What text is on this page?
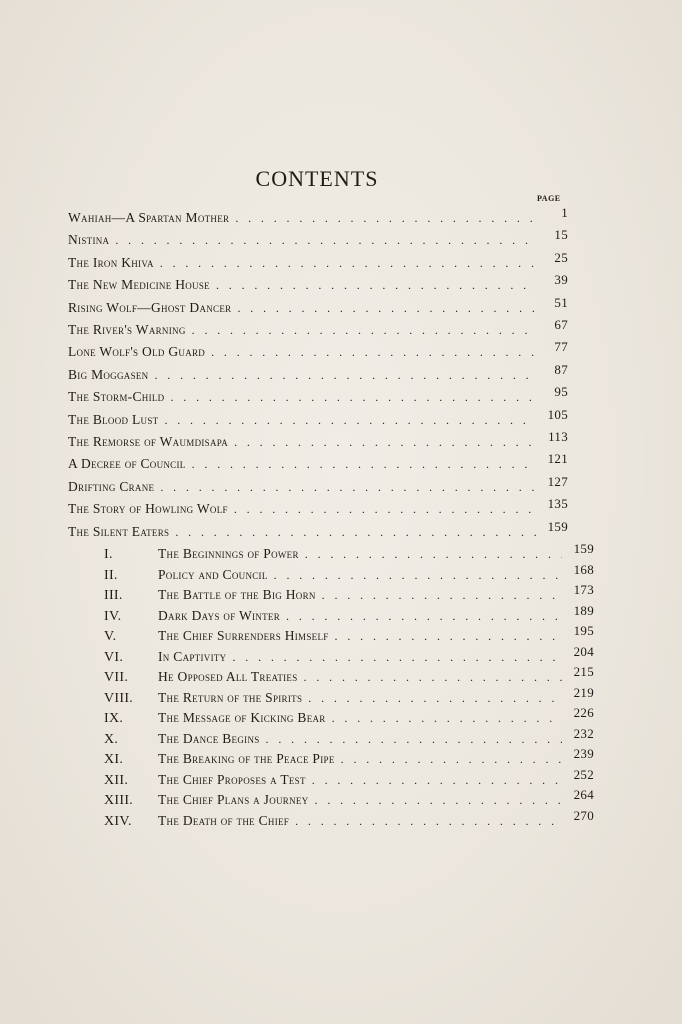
CONTENTS
PAGE
Wahiah—A Spartan Mother . . .	1
Nistina . . .	15
The Iron Khiva . . .	25
The New Medicine House . . .	39
Rising Wolf—Ghost Dancer . . .	51
The River's Warning . . .	67
Lone Wolf's Old Guard . . .	77
Big Moggasen . . .	87
The Storm-Child . . .	95
The Blood Lust . . .	105
The Remorse of Waumdisapa . . .	113
A Decree of Council . . .	121
Drifting Crane . . .	127
The Story of Howling Wolf . . .	135
The Silent Eaters . . .	159
I.	The Beginnings of Power . . .	159
II.	Policy and Council . . .	168
III.	The Battle of the Big Horn . . .	173
IV.	Dark Days of Winter . . .	189
V.	The Chief Surrenders Himself . . .	195
VI.	In Captivity . . .	204
VII.	He Opposed All Treaties . . .	215
VIII.	The Return of the Spirits . . .	219
IX.	The Message of Kicking Bear . . .	226
X.	The Dance Begins . . .	232
XI.	The Breaking of the Peace Pipe . . .	239
XII.	The Chief Proposes a Test . . .	252
XIII.	The Chief Plans a Journey . . .	264
XIV.	The Death of the Chief . . .	270
